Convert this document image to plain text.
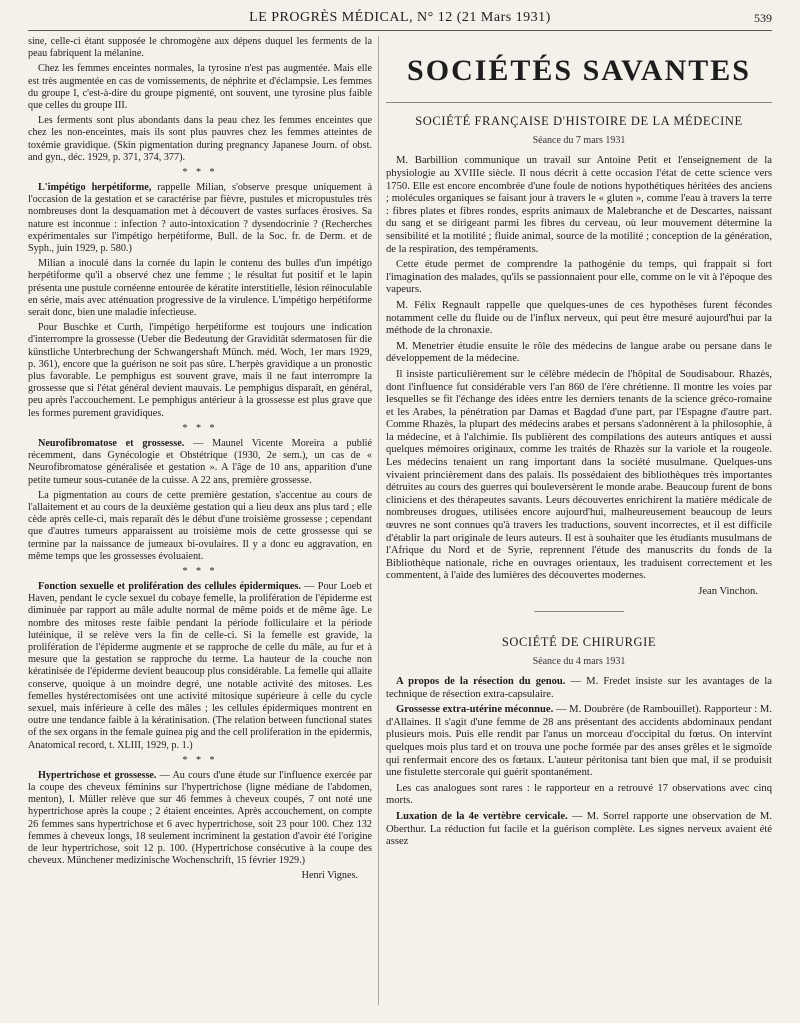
LE PROGRÈS MÉDICAL, N° 12 (21 Mars 1931)	539

sine, celle-ci étant supposée le chromogène aux dépens duquel les ferments de la peau fabriquent la mélanine.

Chez les femmes enceintes normales, la tyrosine n'est pas augmentée. Mais elle est très augmentée en cas de vomissements, de néphrite et d'éclampsie. Les femmes du groupe I, c'est-à-dire du groupe pigmenté, ont souvent, une tyrosine plus faible que celles du groupe III.

Les ferments sont plus abondants dans la peau chez les femmes enceintes que chez les non-enceintes, mais ils sont plus pauvres chez les femmes atteintes de toxémie gravidique. (Skin pigmentation during pregnancy Japanese Journ. of obst. and gyn., déc. 1929, p. 371, 374, 377).

* * *

L'impétigo herpétiforme, rappelle Milian, s'observe presque uniquement à l'occasion de la gestation et se caractérise par fièvre, pustules et micropustules très nombreuses dont la desquamation met à découvert de vastes surfaces érosives. Sa nature est inconnue : infection ? auto-intoxication ? dysendocrinie ? (Recherches expérimentales sur l'impétigo herpétiforme, Bull. de la Soc. fr. de Derm. et de Syph., juin 1929, p. 580.)

Milian a inoculé dans la cornée du lapin le contenu des bulles d'un impétigo herpétiforme qu'il a observé chez une femme ; le résultat fut positif et le lapin présenta une pustule cornéenne entourée de kératite interstitielle, lésion réinoculable en série, mais avec atténuation progressive de la virulence. L'impétigo herpétiforme serait donc, bien une maladie infectieuse.

Pour Buschke et Curth, l'impétigo herpétiforme est toujours une indication d'interrompre la grossesse (Ueber die Bedeutung der Gravidität sdermatosen für die künstliche Unterbrechung der Schwangershaft Münch. méd. Woch, 1er mars 1929, p. 361), encore que la guérison ne soit pas sûre. L'herpès gravidique a un pronostic plus favorable. Le pemphigus est souvent grave, mais il ne faut interrompre la grossesse que si l'état général devient mauvais. Le pemphigus disparaît, en général, peu après l'accouchement. Le pemphigus antérieur à la grossesse est plus grave que les formes purement gravidiques.

* * *

Neurofibromatose et grossesse. — Maunel Vicente Moreira a publié récemment, dans Gynécologie et Obstétrique (1930, 2e sem.), un cas de « Neurofibromatose généralisée et gestation ». A l'âge de 10 ans, apparition d'une petite tumeur sous-cutanée de la cuisse. A 22 ans, première grossesse.

La pigmentation au cours de cette première gestation, s'accentue au cours de l'allaitement et au cours de la deuxième gestation qui a lieu deux ans plus tard ; elle cède après celle-ci, mais reparaît dès le début d'une troisième grossesse ; cependant que d'autres tumeurs apparaissent au troisième mois de cette grossesse qui se termine par la naissance de jumeaux bi-ovulaires. Il y a donc eu aggravation, en même temps que les grossesses évoluaient.

* * *

Fonction sexuelle et prolifération des cellules épidermiques. — Pour Loeb et Haven, pendant le cycle sexuel du cobaye femelle, la prolifération de l'épiderme est diminuée par rapport au mâle adulte normal de même poids et de même âge. Le nombre des mitoses reste faible pendant la période folliculaire et la période lutéinique, il se relève vers la fin de celle-ci. Si la femelle est gravide, la prolifération de l'épiderme augmente et se rapproche de celle du mâle, au fur et à mesure que la gestation se rapproche du terme. La hauteur de la couche non kératinisée de l'épiderme devient beaucoup plus considérable. La femelle qui allaite conserve, quoique à un moindre degré, une notable activité des mitoses. Les femelles hystérectomisées ont une activité mitosique supérieure à celle du cycle sexuel, mais inférieure à celle des mâles ; les cellules épidermiques montrent en outre une tendance faible à la kératinisation. (The relation between functional states of the sex organs in the female guinea pig and the cell proliferation in the epidermis, Anatomical record, t. XLIII, 1929, p. 1.)

* * *

Hypertrichose et grossesse. — Au cours d'une étude sur l'influence exercée par la coupe des cheveux féminins sur l'hypertrichose (ligne médiane de l'abdomen, menton), I. Müller relève que sur 46 femmes à cheveux coupés, 7 ont noté une hypertrichose après la coupe ; 2 étaient enceintes. Après accouchement, on compte 26 femmes sans hypertrichose et 6 avec hypertrichose, soit 23 pour 100. Chez 132 femmes à cheveux longs, 18 seulement incriminent la gestation d'avoir été l'origine de leur hypertrichose, soit 12 p. 100. (Hypertrichose consécutive à la coupe des cheveux. Münchener medizinische Wochenschrift, 15 février 1929.)

Henri Vignes.
SOCIÉTÉS SAVANTES
SOCIÉTÉ FRANÇAISE D'HISTOIRE DE LA MÉDECINE
Séance du 7 mars 1931

M. Barbillion communique un travail sur Antoine Petit et l'enseignement de la physiologie au XVIIIe siècle. Il nous décrit à cette occasion l'état de cette science vers 1750. Elle est encore encombrée d'une foule de notions hypothétiques héritées des anciens ; molécules organiques se faisant jour à travers le « gluten », comme l'eau à travers la terre : fibres plates et fibres rondes, esprits animaux de Malebranche et de Descartes, naissant du sang et se dirigeant parmi les fibres du cerveau, où leur mouvement détermine la sensibilité et la motilité ; fluide animal, source de la motilité ; conception de la génération, de la respiration, des tempéraments.

Cette étude permet de comprendre la pathogénie du temps, qui frappait si fort l'imagination des malades, qu'ils se passionnaient pour elle, comme on le vit à l'époque des vapeurs.

M. Félix Regnault rappelle que quelques-unes de ces hypothèses furent fécondes notamment celle du fluide ou de l'influx nerveux, qui peut être mesuré aujourd'hui par la méthode de la chronaxie.

M. Menetrier étudie ensuite le rôle des médecins de langue arabe ou persane dans le développement de la médecine.

Il insiste particulièrement sur le célèbre médecin de l'hôpital de Soudisabour. Rhazès, dont l'influence fut considérable vers l'an 860 de l'ère chrétienne. Il montre les voies par lesquelles se fit l'échange des idées entre les derniers tenants de la science gréco-romaine et les Arabes, la pénétration par Damas et Bagdad d'une part, par l'Espagne d'autre part. Comme Rhazès, la plupart des médecins arabes et persans s'adonnèrent à la philosophie, à la médecine, et à l'alchimie. Ils publièrent des compilations des auteurs antiques et aussi quelques mémoires originaux, comme les traités de Rhazès sur la variole et la rougeole. Les médecins tenaient un rang important dans la société musulmane. Quelques-uns vivaient princièrement dans des palais. Ils possédaient des bibliothèques très importantes détruites au cours des guerres qui bouleversèrent le monde arabe. Beaucoup furent de bons cliniciens et des thérapeutes savants. Leurs découvertes enrichirent la matière médicale de nombreuses drogues, utilisées encore aujourd'hui, malheureusement beaucoup de leurs œuvres ne sont connues qu'à travers les traductions, souvent incorrectes, et il est difficile d'établir la part originale de leurs auteurs. Il est à souhaiter que les étudiants musulmans de l'Afrique du Nord et de Syrie, reprennent l'étude des manuscrits du fonds de la Bibliothèque nationale, riche en ouvrages orientaux, les traduisent correctement et les commentent, à l'aide des lumières des découvertes modernes.

Jean Vinchon.
SOCIÉTÉ DE CHIRURGIE
Séance du 4 mars 1931

A propos de la résection du genou. — M. Fredet insiste sur les avantages de la technique de résection extra-capsulaire.

Grossesse extra-utérine méconnue. — M. Doubrère (de Rambouillet). Rapporteur : M. d'Allaines. Il s'agit d'une femme de 28 ans présentant des accidents abdominaux pendant plusieurs mois. Puis elle rendit par l'anus un morceau d'occipital du fœtus. On intervint quelques mois plus tard et on trouva une poche formée par des anses grêles et le sigmoïde qui renfermait encore des os fœtaux. L'auteur péritonisa tant bien que mal, il se produisit une fistulette stercorale qui guérit spontanément.

Les cas analogues sont rares : le rapporteur en a retrouvé 17 observations avec cinq morts.

Luxation de la 4e vertèbre cervicale. — M. Sorrel rapporte une observation de M. Oberthur. La réduction fut facile et la guérison complète. Les signes nerveux avaient été assez
